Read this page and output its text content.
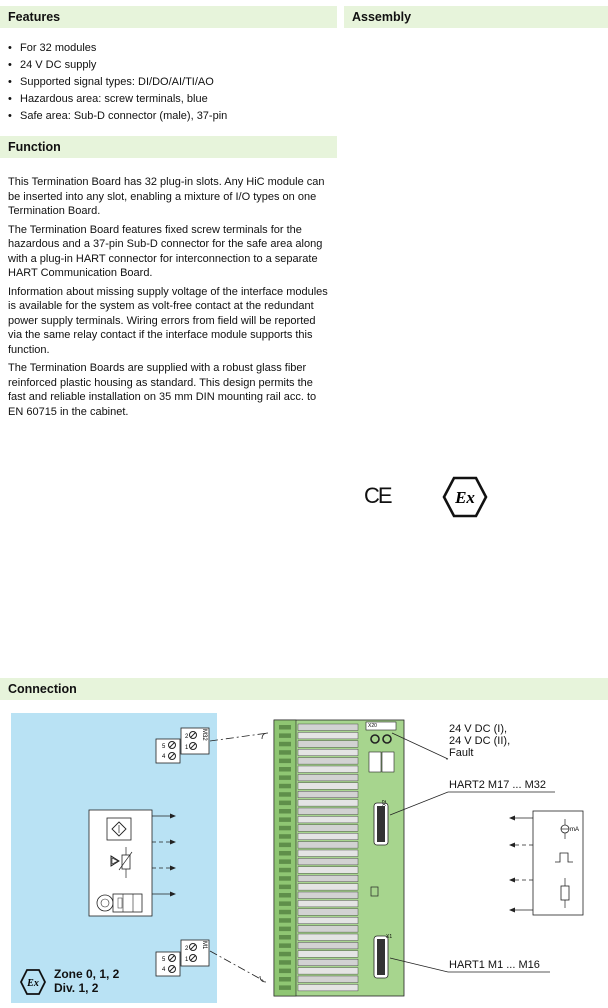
Features	Assembly
• For 32 modules
• 24 V DC supply
• Supported signal types: DI/DO/AI/TI/AO
• Hazardous area: screw terminals, blue
• Safe area: Sub-D connector (male), 37-pin
Function

This Termination Board has 32 plug-in slots. Any HiC module can be inserted into any slot, enabling a mixture of I/O types on one Termination Board.

The Termination Board features fixed screw terminals for the hazardous and a 37-pin Sub-D connector for the safe area along with a plug-in HART connector for interconnection to a separate HART Communication Board.

Information about missing supply voltage of the interface modules is available for the system as volt-free contact at the redundant power supply terminals. Wiring errors from field will be reported via the same relay contact if the interface module supports this function.

The Termination Boards are supplied with a robust glass fiber reinforced plastic housing as standard. This design permits the fast and reliable installation on 35 mm DIN mounting rail acc. to EN 60715 in the cabinet.

CE	Ex
Connection
5
4
2
1
M32
5
4
2
1
M1
X2
X1
X20
mA
Ex
Zone 0, 1, 2
Div. 1, 2
24 V DC (I),
24 V DC (II),
Fault
HART2 M17 ... M32
HART1 M1 ... M16
